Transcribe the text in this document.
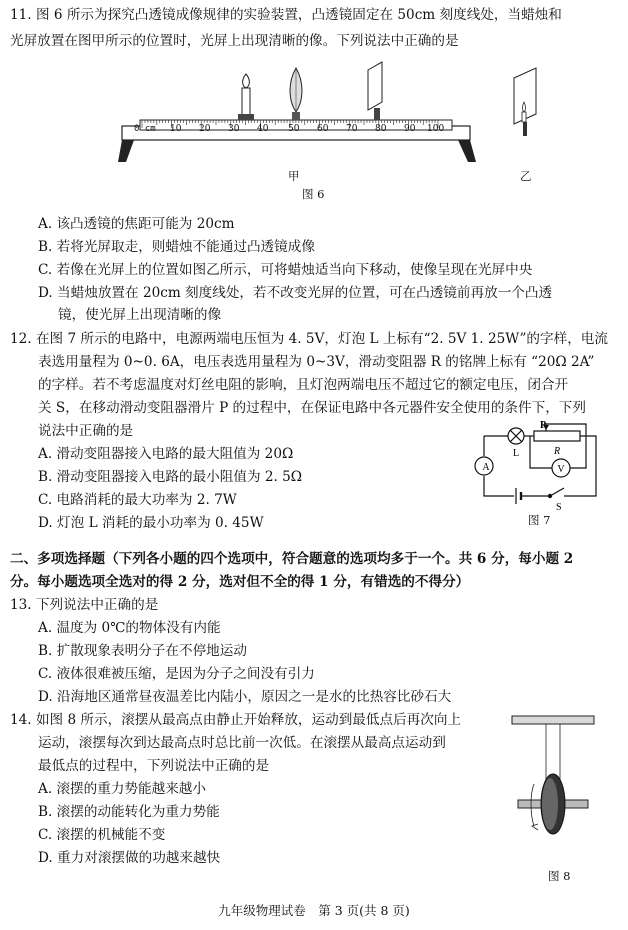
11. 图 6 所示为探究凸透镜成像规律的实验装置，凸透镜固定在 50cm 刻度线处，当蜡烛和
光屏放置在图甲所示的位置时，光屏上出现清晰的像。下列说法中正确的是
0 cm 10 20 30 40 50 60 70 80 90 100
甲	乙
图 6
A. 该凸透镜的焦距可能为 20cm
B. 若将光屏取走，则蜡烛不能通过凸透镜成像
C. 若像在光屏上的位置如图乙所示，可将蜡烛适当向下移动，使像呈现在光屏中央
D. 当蜡烛放置在 20cm 刻度线处，若不改变光屏的位置，可在凸透镜前再放一个凸透
镜，使光屏上出现清晰的像
12. 在图 7 所示的电路中，电源两端电压恒为 4. 5V，灯泡 L 上标有“2. 5V 1. 25W”的字样，电流
表选用量程为 0~0. 6A，电压表选用量程为 0~3V，滑动变阻器 R 的铭牌上标有 “20Ω 2A”
的字样。若不考虑温度对灯丝电阻的影响，且灯泡两端电压不超过它的额定电压，闭合开
关 S，在移动滑动变阻器滑片 P 的过程中，在保证电路中各元器件安全使用的条件下，下列
说法中正确的是
A. 滑动变阻器接入电路的最大阻值为 20Ω
B. 滑动变阻器接入电路的最小阻值为 2. 5Ω
C. 电路消耗的最大功率为 2. 7W
D. 灯泡 L 消耗的最小功率为 0. 45W
A	V
L
P
R
S
图 7
二、多项选择题（下列各小题的四个选项中，符合题意的选项均多于一个。共 6 分，每小题 2
分。每小题选项全选对的得 2 分，选对但不全的得 1 分，有错选的不得分）
13. 下列说法中正确的是
A. 温度为 0℃的物体没有内能
B. 扩散现象表明分子在不停地运动
C. 液体很难被压缩，是因为分子之间没有引力
D. 沿海地区通常昼夜温差比内陆小，原因之一是水的比热容比砂石大
14. 如图 8 所示，滚摆从最高点由静止开始释放，运动到最低点后再次向上
运动，滚摆每次到达最高点时总比前一次低。在滚摆从最高点运动到
最低点的过程中，下列说法中正确的是
A. 滚摆的重力势能越来越小
B. 滚摆的动能转化为重力势能
C. 滚摆的机械能不变
D. 重力对滚摆做的功越来越快
图 8
九年级物理试卷　第 3 页(共 8 页)
